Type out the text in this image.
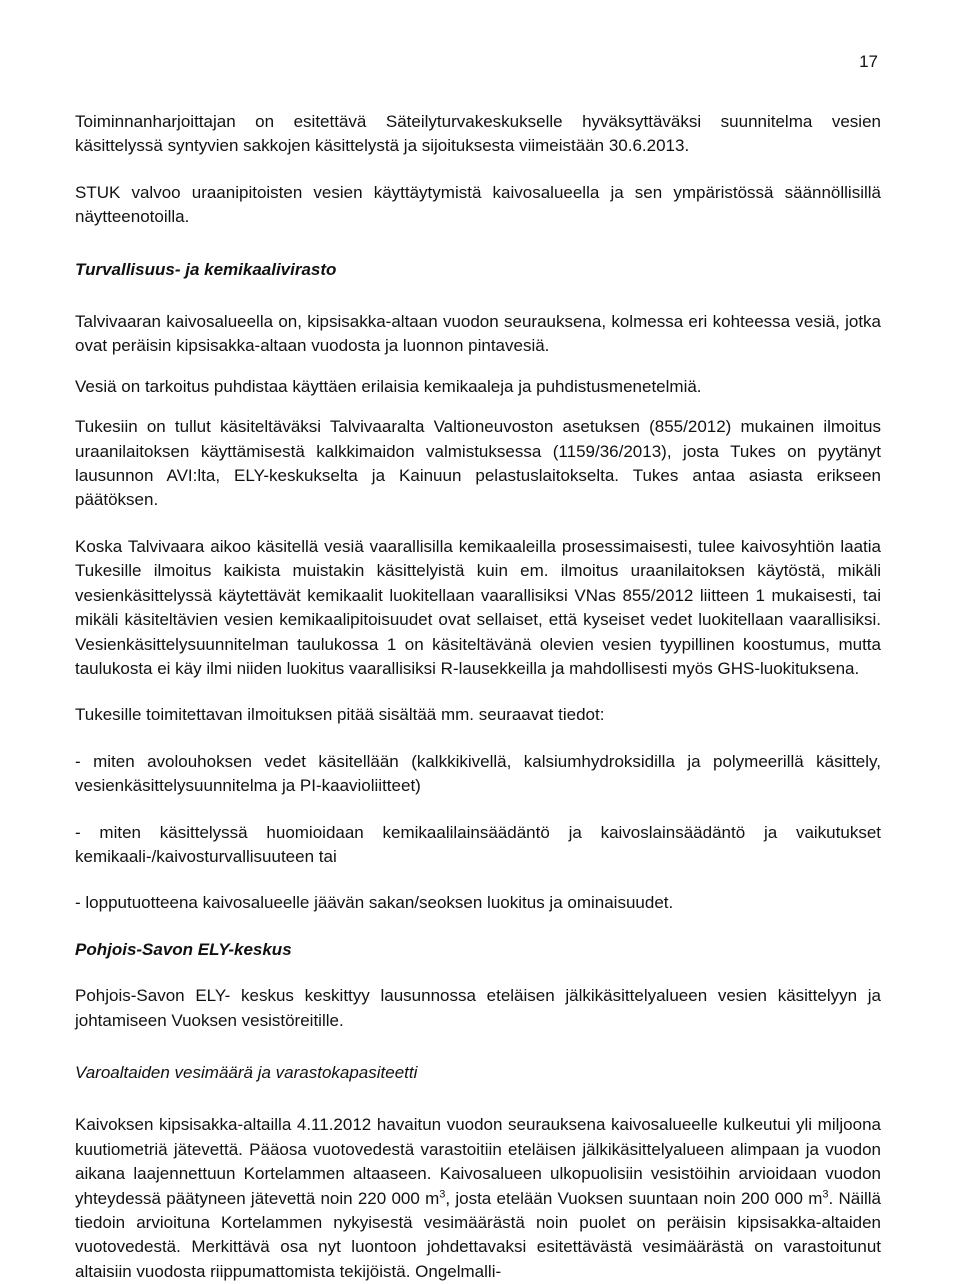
17

Toiminnanharjoittajan on esitettävä Säteilyturvakeskukselle hyväksyttäväksi suunnitelma vesien käsittelyssä syntyvien sakkojen käsittelystä ja sijoituksesta viimeistään 30.6.2013.

STUK valvoo uraanipitoisten vesien käyttäytymistä kaivosalueella ja sen ympäristössä säännöllisillä näytteenotoilla.

Turvallisuus- ja kemikaalivirasto

Talvivaaran kaivosalueella on, kipsisakka-altaan vuodon seurauksena, kolmessa eri kohteessa vesiä, jotka ovat peräisin kipsisakka-altaan vuodosta ja luonnon pintavesiä.

Vesiä on tarkoitus puhdistaa käyttäen erilaisia kemikaaleja ja puhdistusmenetelmiä.

Tukesiin on tullut käsiteltäväksi Talvivaaralta Valtioneuvoston asetuksen (855/2012) mukainen ilmoitus uraanilaitoksen käyttämisestä kalkkimaidon valmistuksessa (1159/36/2013), josta Tukes on pyytänyt lausunnon AVI:lta, ELY-keskukselta ja Kainuun pelastuslaitokselta. Tukes antaa asiasta erikseen päätöksen.

Koska Talvivaara aikoo käsitellä vesiä vaarallisilla kemikaaleilla prosessimaisesti, tulee kaivosyhtiön laatia Tukesille ilmoitus kaikista muistakin käsittelyistä kuin em. ilmoitus uraanilaitoksen käytöstä, mikäli vesienkäsittelyssä käytettävät kemikaalit luokitellaan vaarallisiksi VNas 855/2012 liitteen 1 mukaisesti, tai mikäli käsiteltävien vesien kemikaalipitoisuudet ovat sellaiset, että kyseiset vedet luokitellaan vaarallisiksi. Vesienkäsittelysuunnitelman taulukossa 1 on käsiteltävänä olevien vesien tyypillinen koostumus, mutta taulukosta ei käy ilmi niiden luokitus vaarallisiksi R-lausekkeilla ja mahdollisesti myös GHS-luokituksena.

Tukesille toimitettavan ilmoituksen pitää sisältää mm. seuraavat tiedot:

- miten avolouhoksen vedet käsitellään (kalkkikivellä, kalsiumhydroksidilla ja polymeerillä käsittely, vesienkäsittelysuunnitelma ja PI-kaavioliitteet)

- miten käsittelyssä huomioidaan kemikaalilainsäädäntö ja kaivoslainsäädäntö ja vaikutukset kemikaali-/kaivosturvallisuuteen tai

- lopputuotteena kaivosalueelle jäävän sakan/seoksen luokitus ja ominaisuudet.

Pohjois-Savon ELY-keskus

Pohjois-Savon ELY- keskus keskittyy lausunnossa eteläisen jälkikäsittelyalueen vesien käsittelyyn ja johtamiseen Vuoksen vesistöreitille.

Varoaltaiden vesimäärä ja varastokapasiteetti

Kaivoksen kipsisakka-altailla 4.11.2012 havaitun vuodon seurauksena kaivosalueelle kulkeutui yli miljoona kuutiometriä jätevettä. Pääosa vuotovedestä varastoitiin eteläisen jälkikäsittelyalueen alimpaan ja vuodon aikana laajennettuun Kortelammen altaaseen. Kaivosalueen ulkopuolisiin vesistöihin arvioidaan vuodon yhteydessä päätyneen jätevettä noin 220 000 $m^3$, josta etelään Vuoksen suuntaan noin 200 000 $m^3$. Näillä tiedoin arvioituna Kortelammen nykyisestä vesimäärästä noin puolet on peräisin kipsisakka-altaiden vuotovedestä. Merkittävä osa nyt luontoon johdettavaksi esitettävästä vesimäärästä on varastoitunut altaisiin vuodosta riippumattomista tekijöistä. Ongelmalli-
